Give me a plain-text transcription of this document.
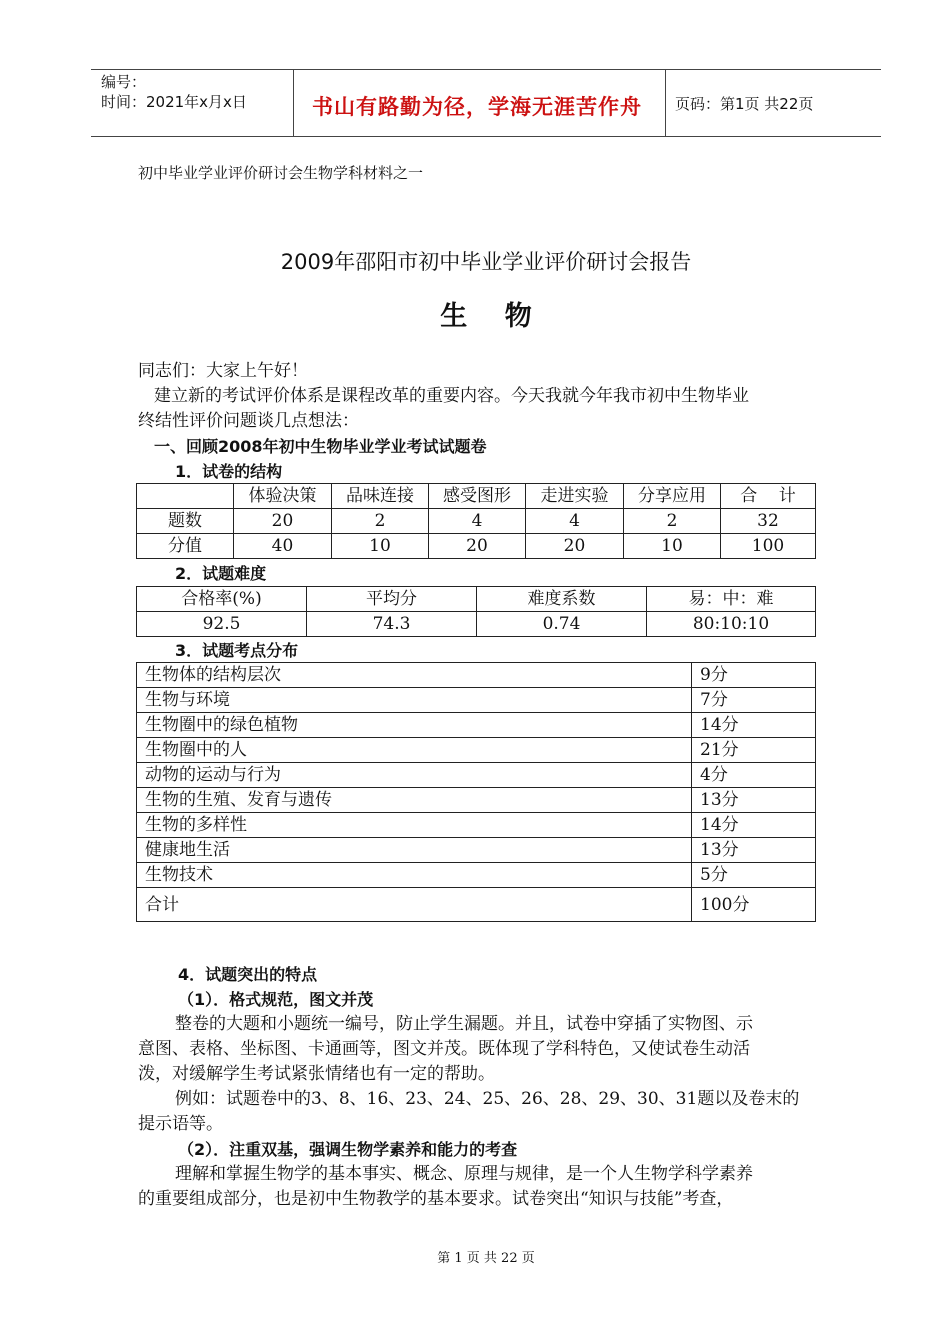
编号：
时间：2021年x月x日	书山有路勤为径，学海无涯苦作舟 页码：第1页 共22页
初中毕业学业评价研讨会生物学科材料之一
2009年邵阳市初中毕业学业评价研讨会报告
生    物
同志们：大家上午好！
建立新的考试评价体系是课程改革的重要内容。今天我就今年我市初中生物毕业
终结性评价问题谈几点想法：
一、回顾2008年初中生物毕业学业考试试题卷
1．试卷的结构
	体验决策	品味连接	感受图形	走进实验	分享应用	合    计
题数	20	2	4	4	2	32
分值	40	10	20	20	10	100
2．试题难度
合格率(%)	平均分	难度系数	易：中：难
92.5	74.3	0.74	80:10:10
3．试题考点分布
生物体的结构层次	9分
生物与环境	7分
生物圈中的绿色植物	14分
生物圈中的人	21分
动物的运动与行为	4分
生物的生殖、发育与遗传	13分
生物的多样性	14分
健康地生活	13分
生物技术	5分
合计	100分
4．试题突出的特点
（1）．格式规范，图文并茂
整卷的大题和小题统一编号，防止学生漏题。并且，试卷中穿插了实物图、示
意图、表格、坐标图、卡通画等，图文并茂。既体现了学科特色，又使试卷生动活
泼，对缓解学生考试紧张情绪也有一定的帮助。
例如：试题卷中的3、8、16、23、24、25、26、28、29、30、31题以及卷末的
提示语等。
（2）．注重双基，强调生物学素养和能力的考查
理解和掌握生物学的基本事实、概念、原理与规律，是一个人生物学科学素养
的重要组成部分，也是初中生物教学的基本要求。试卷突出“知识与技能”考查，
第 1 页 共 22 页
